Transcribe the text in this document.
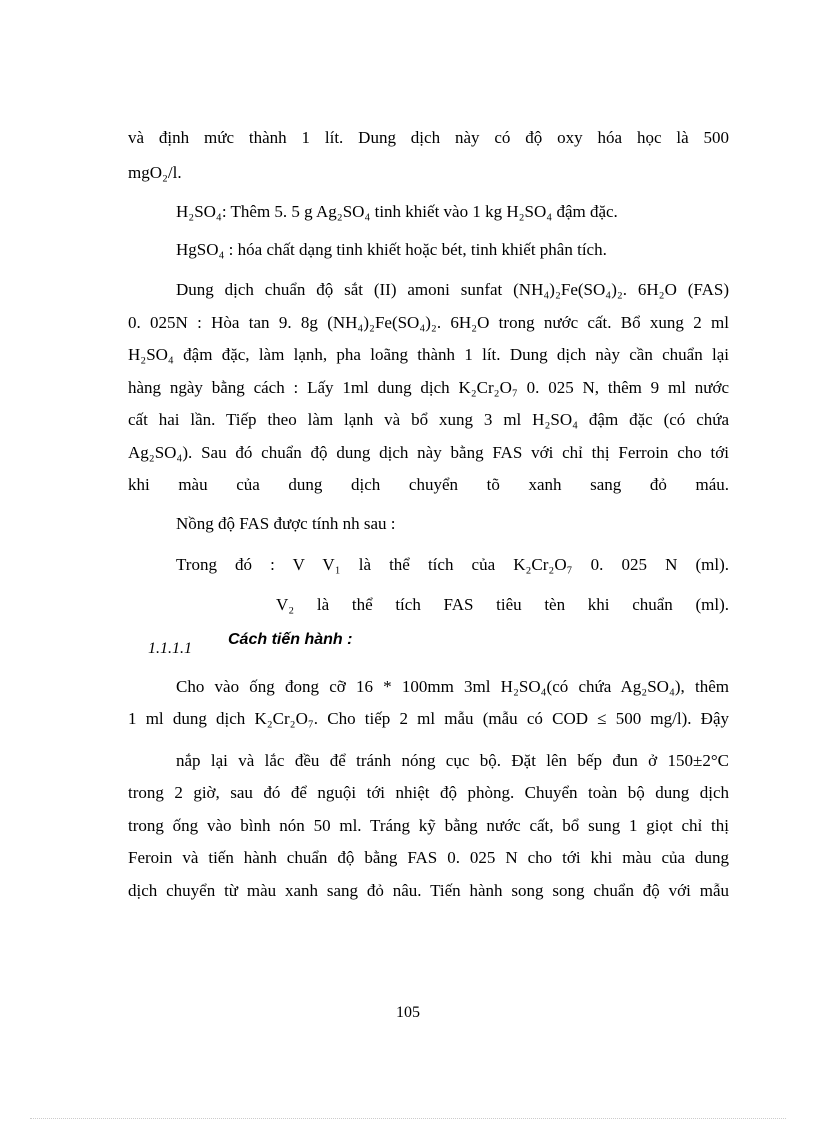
và định mức thành 1 lít. Dung dịch này có độ oxy hóa học là 500
mgO₂/l.
H₂SO₄: Thêm 5. 5 g Ag₂SO₄ tinh khiết vào 1 kg H₂SO₄ đậm đặc.
HgSO₄ : hóa chất dạng tinh khiết hoặc bét, tinh khiết phân tích.
Dung dịch chuẩn độ sắt (II) amoni sunfat (NH₄)₂Fe(SO₄)₂. 6H₂O (FAS)
0. 025N : Hòa tan 9. 8g (NH₄)₂Fe(SO₄)₂. 6H₂O trong nước cất. Bổ xung 2 ml
H₂SO₄ đậm đặc, làm lạnh, pha loãng thành 1 lít. Dung dịch này cần chuẩn lại
hàng ngày bằng cách : Lấy 1ml dung dịch K₂Cr₂O₇ 0. 025 N, thêm 9 ml nước
cất hai lần. Tiếp theo làm lạnh và bổ xung 3 ml H₂SO₄ đậm đặc (có chứa
Ag₂SO₄). Sau đó chuẩn độ dung dịch này bằng FAS với chỉ thị Ferroin cho tới
khi màu của dung dịch chuyển tõ xanh sang đỏ máu.
Nồng độ FAS được tính nh sau :
Trong đó : V V₁ là thể tích của K₂Cr₂O₇ 0. 025 N (ml).
V₂ là thể tích FAS tiêu tèn khi chuẩn (ml).
1.1.1.1
Cách tiến hành :
Cho vào ống đong cỡ 16 * 100mm 3ml H₂SO₄(có chứa Ag₂SO₄), thêm
1 ml dung dịch K₂Cr₂O₇. Cho tiếp 2 ml mẫu (mẫu có COD ≤ 500 mg/l). Đậy
nắp lại và lắc đều để tránh nóng cục bộ. Đặt lên bếp đun ở 150±2°C
trong 2 giờ, sau đó để nguội tới nhiệt độ phòng. Chuyển toàn bộ dung dịch
trong ống vào bình nón 50 ml. Tráng kỹ bằng nước cất, bổ sung 1 giọt chỉ thị
Feroin và tiến hành chuẩn độ bằng FAS 0. 025 N cho tới khi màu của dung
dịch chuyển từ màu xanh sang đỏ nâu. Tiến hành song song chuẩn độ với mẫu
105
